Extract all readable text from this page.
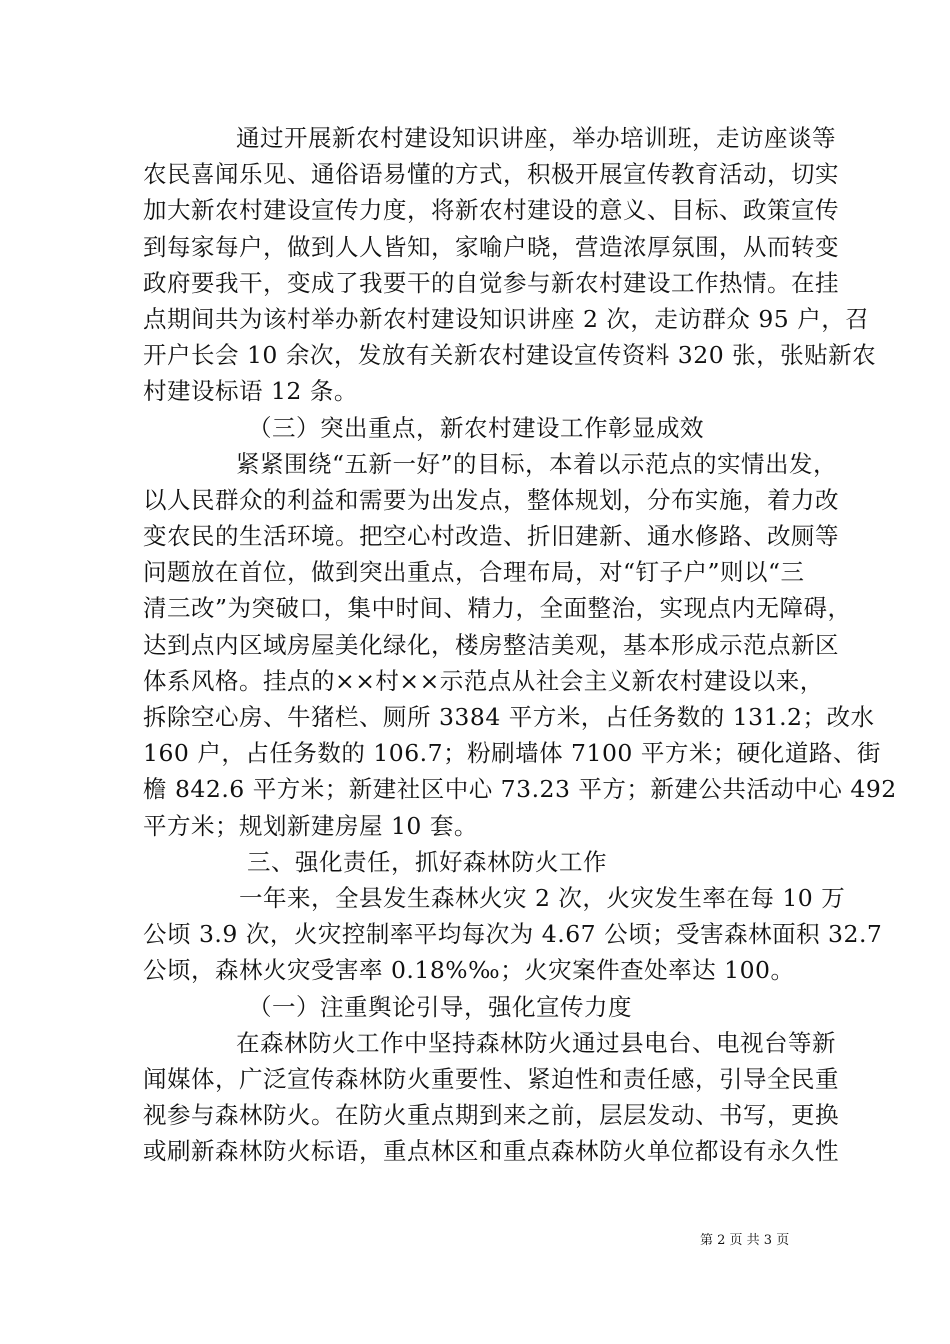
通过开展新农村建设知识讲座，举办培训班，走访座谈等
农民喜闻乐见、通俗语易懂的方式，积极开展宣传教育活动，切实
加大新农村建设宣传力度，将新农村建设的意义、目标、政策宣传
到每家每户，做到人人皆知，家喻户晓，营造浓厚氛围，从而转变
政府要我干，变成了我要干的自觉参与新农村建设工作热情。在挂
点期间共为该村举办新农村建设知识讲座 2 次，走访群众 95 户，召
开户长会 10 余次，发放有关新农村建设宣传资料 320 张，张贴新农
村建设标语 12 条。
（三）突出重点，新农村建设工作彰显成效
紧紧围绕“五新一好”的目标，本着以示范点的实情出发，
以人民群众的利益和需要为出发点，整体规划，分布实施，着力改
变农民的生活环境。把空心村改造、折旧建新、通水修路、改厕等
问题放在首位，做到突出重点，合理布局，对“钉子户”则以“三
清三改”为突破口，集中时间、精力，全面整治，实现点内无障碍，
达到点内区域房屋美化绿化，楼房整洁美观，基本形成示范点新区
体系风格。挂点的××村××示范点从社会主义新农村建设以来，
拆除空心房、牛猪栏、厕所 3384 平方米，占任务数的 131.2；改水
160 户，占任务数的 106.7；粉刷墙体 7100 平方米；硬化道路、街
檐 842.6 平方米；新建社区中心 73.23 平方；新建公共活动中心 492
平方米；规划新建房屋 10 套。
三、强化责任，抓好森林防火工作
一年来，全县发生森林火灾 2 次，火灾发生率在每 10 万
公顷 3.9 次，火灾控制率平均每次为 4.67 公顷；受害森林面积 32.7
公顷，森林火灾受害率 0.18%‰；火灾案件查处率达 100。
（一）注重舆论引导，强化宣传力度
在森林防火工作中坚持森林防火通过县电台、电视台等新
闻媒体，广泛宣传森林防火重要性、紧迫性和责任感，引导全民重
视参与森林防火。在防火重点期到来之前，层层发动、书写，更换
或刷新森林防火标语，重点林区和重点森林防火单位都设有永久性
第 2 页 共 3 页
